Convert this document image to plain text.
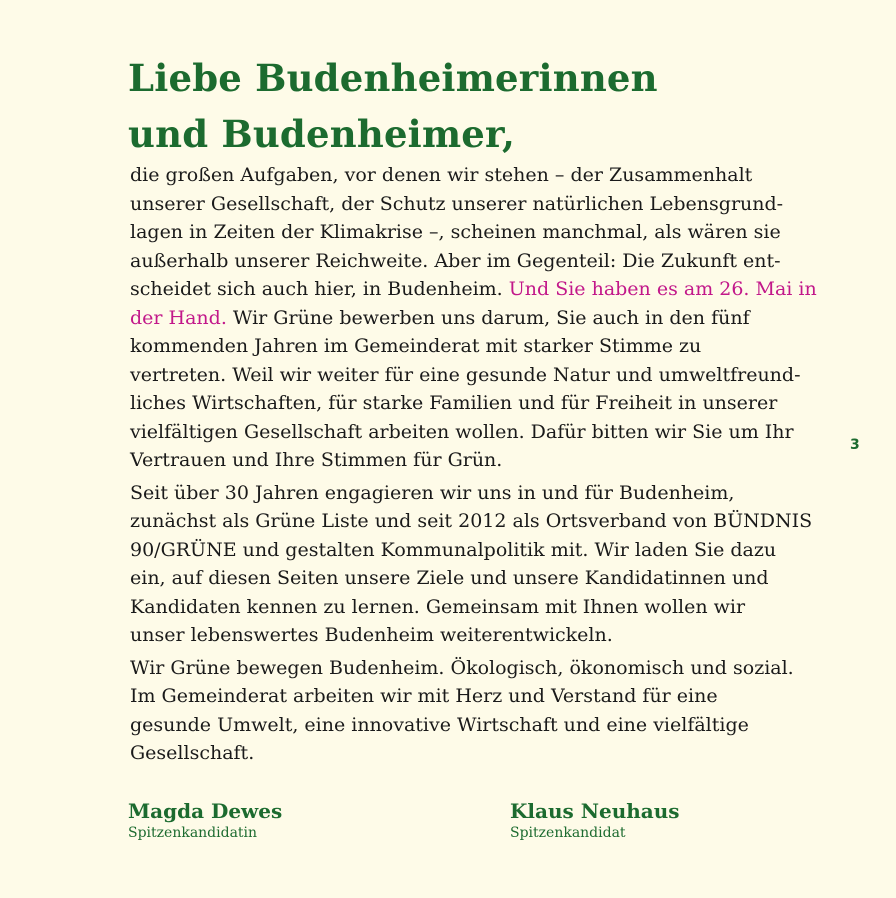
Liebe Budenheimerinnen
und Budenheimer,
die großen Aufgaben, vor denen wir stehen – der Zusammenhalt
unserer Gesellschaft, der Schutz unserer natürlichen Lebensgrund-
lagen in Zeiten der Klimakrise –, scheinen manchmal, als wären sie
außerhalb unserer Reichweite. Aber im Gegenteil: Die Zukunft ent-
scheidet sich auch hier, in Budenheim. Und Sie haben es am 26. Mai in
der Hand. Wir Grüne bewerben uns darum, Sie auch in den fünf
kommenden Jahren im Gemeinderat mit starker Stimme zu
vertreten. Weil wir weiter für eine gesunde Natur und umweltfreund-
liches Wirtschaften, für starke Familien und für Freiheit in unserer
vielfältigen Gesellschaft arbeiten wollen. Dafür bitten wir Sie um Ihr
Vertrauen und Ihre Stimmen für Grün.
Seit über 30 Jahren engagieren wir uns in und für Budenheim,
zunächst als Grüne Liste und seit 2012 als Ortsverband von BÜNDNIS
90/GRÜNE und gestalten Kommunalpolitik mit. Wir laden Sie dazu
ein, auf diesen Seiten unsere Ziele und unsere Kandidatinnen und
Kandidaten kennen zu lernen. Gemeinsam mit Ihnen wollen wir
unser lebenswertes Budenheim weiterentwickeln.
Wir Grüne bewegen Budenheim. Ökologisch, ökonomisch und sozial.
Im Gemeinderat arbeiten wir mit Herz und Verstand für eine
gesunde Umwelt, eine innovative Wirtschaft und eine vielfältige
Gesellschaft.
3
Magda Dewes
Spitzenkandidatin
Klaus Neuhaus
Spitzenkandidat
